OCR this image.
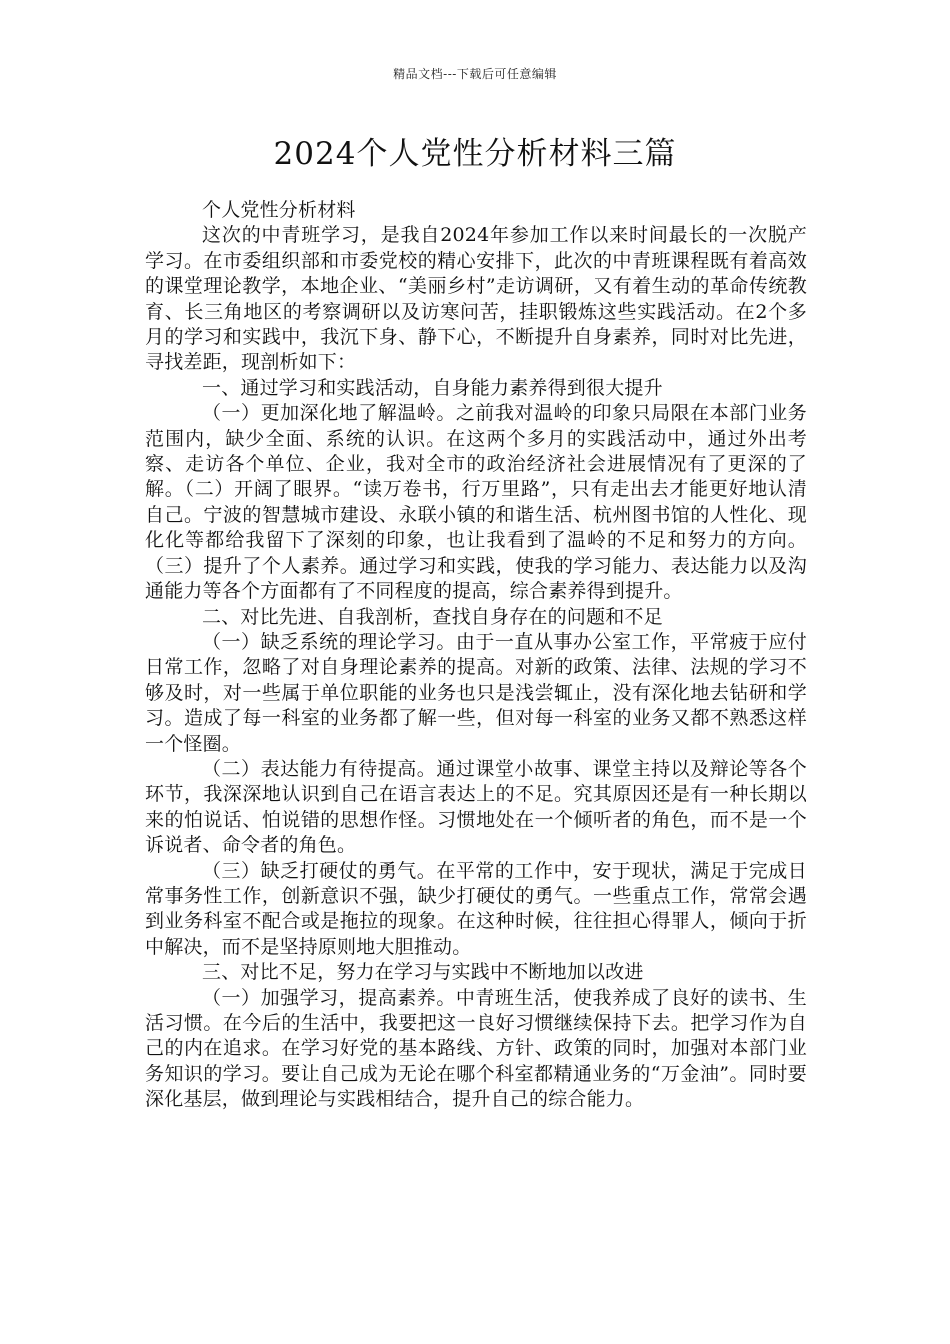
精品文档---下载后可任意编辑
2024个人党性分析材料三篇

个人党性分析材料

这次的中青班学习，是我自2024年参加工作以来时间最长的一次脱产学习。在市委组织部和市委党校的精心安排下，此次的中青班课程既有着高效的课堂理论教学，本地企业、“美丽乡村”走访调研，又有着生动的革命传统教育、长三角地区的考察调研以及访寒问苦，挂职锻炼这些实践活动。在2个多月的学习和实践中，我沉下身、静下心，不断提升自身素养，同时对比先进，寻找差距，现剖析如下：

一、通过学习和实践活动，自身能力素养得到很大提升

（一）更加深化地了解温岭。之前我对温岭的印象只局限在本部门业务范围内，缺少全面、系统的认识。在这两个多月的实践活动中，通过外出考察、走访各个单位、企业，我对全市的政治经济社会进展情况有了更深的了解。（二）开阔了眼界。“读万卷书，行万里路”，只有走出去才能更好地认清自己。宁波的智慧城市建设、永联小镇的和谐生活、杭州图书馆的人性化、现化化等都给我留下了深刻的印象，也让我看到了温岭的不足和努力的方向。（三）提升了个人素养。通过学习和实践，使我的学习能力、表达能力以及沟通能力等各个方面都有了不同程度的提高，综合素养得到提升。

二、对比先进、自我剖析，查找自身存在的问题和不足

（一）缺乏系统的理论学习。由于一直从事办公室工作，平常疲于应付日常工作，忽略了对自身理论素养的提高。对新的政策、法律、法规的学习不够及时，对一些属于单位职能的业务也只是浅尝辄止，没有深化地去钻研和学习。造成了每一科室的业务都了解一些，但对每一科室的业务又都不熟悉这样一个怪圈。

（二）表达能力有待提高。通过课堂小故事、课堂主持以及辩论等各个环节，我深深地认识到自己在语言表达上的不足。究其原因还是有一种长期以来的怕说话、怕说错的思想作怪。习惯地处在一个倾听者的角色，而不是一个诉说者、命令者的角色。

（三）缺乏打硬仗的勇气。在平常的工作中，安于现状，满足于完成日常事务性工作，创新意识不强，缺少打硬仗的勇气。一些重点工作，常常会遇到业务科室不配合或是拖拉的现象。在这种时候，往往担心得罪人，倾向于折中解决，而不是坚持原则地大胆推动。

三、对比不足，努力在学习与实践中不断地加以改进

（一）加强学习，提高素养。中青班生活，使我养成了良好的读书、生活习惯。在今后的生活中，我要把这一良好习惯继续保持下去。把学习作为自己的内在追求。在学习好党的基本路线、方针、政策的同时，加强对本部门业务知识的学习。要让自己成为无论在哪个科室都精通业务的“万金油”。同时要深化基层，做到理论与实践相结合，提升自己的综合能力。
